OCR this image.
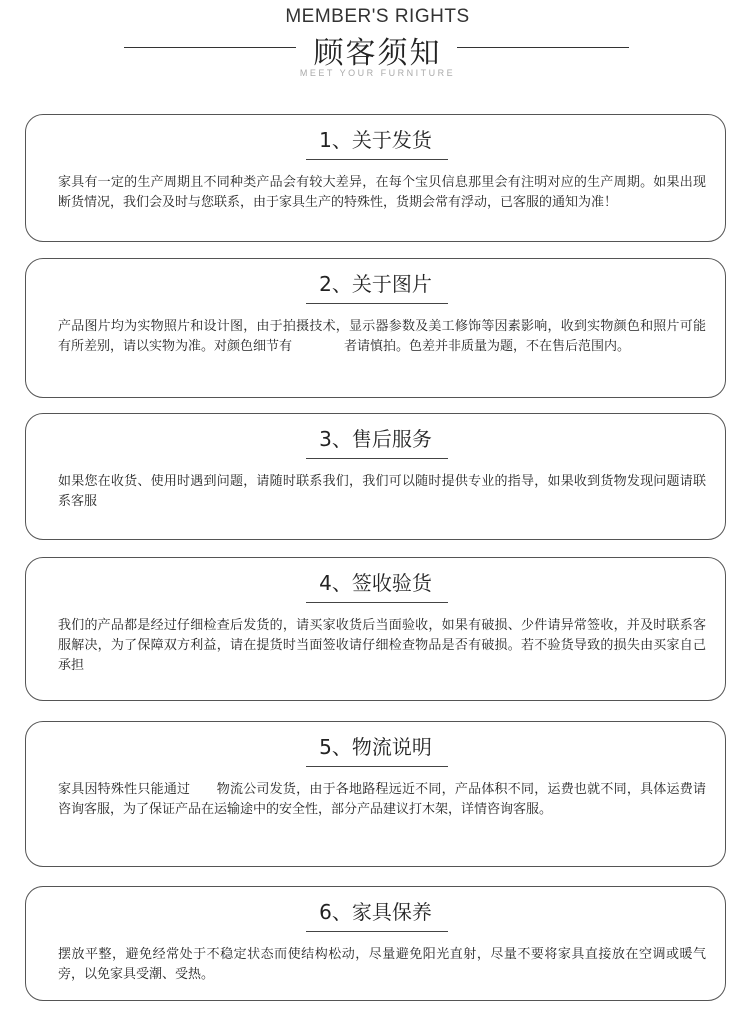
MEMBER'S RIGHTS
顾客须知
MEET YOUR FURNITURE
1、关于发货
家具有一定的生产周期且不同种类产品会有较大差异，在每个宝贝信息那里会有注明对应的生产周期。如果出现断货情况，我们会及时与您联系，由于家具生产的特殊性，货期会常有浮动，已客服的通知为准！
2、关于图片
产品图片均为实物照片和设计图，由于拍摄技术，显示器参数及美工修饰等因素影响，收到实物颜色和照片可能有所差别，请以实物为准。对颜色细节有　　　　者请慎拍。色差并非质量为题，不在售后范围内。
3、售后服务
如果您在收货、使用时遇到问题，请随时联系我们，我们可以随时提供专业的指导，如果收到货物发现问题请联系客服
4、签收验货
我们的产品都是经过仔细检查后发货的，请买家收货后当面验收，如果有破损、少件请异常签收，并及时联系客服解决，为了保障双方利益，请在提货时当面签收请仔细检查物品是否有破损。若不验货导致的损失由买家自己承担
5、物流说明
家具因特殊性只能通过　　物流公司发货，由于各地路程远近不同，产品体积不同，运费也就不同，具体运费请咨询客服，为了保证产品在运输途中的安全性，部分产品建议打木架，详情咨询客服。
6、家具保养
摆放平整，避免经常处于不稳定状态而使结构松动，尽量避免阳光直射，尽量不要将家具直接放在空调或暖气旁，以免家具受潮、受热。
